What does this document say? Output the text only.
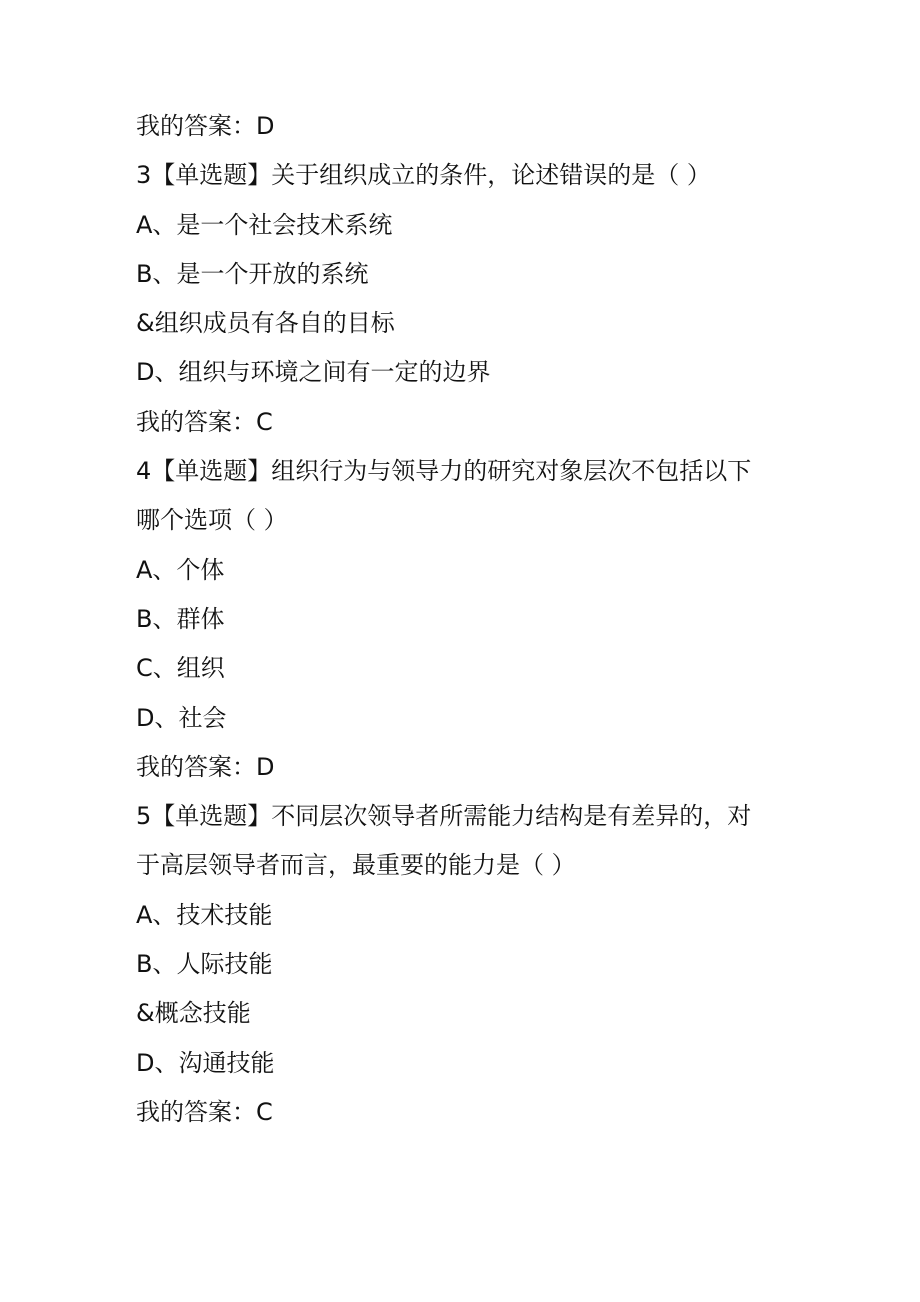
我的答案：D
3【单选题】关于组织成立的条件，论述错误的是（ ）
A、是一个社会技术系统
B、是一个开放的系统
&组织成员有各自的目标
D、组织与环境之间有一定的边界
我的答案：C
4【单选题】组织行为与领导力的研究对象层次不包括以下
哪个选项（ ）
A、个体
B、群体
C、组织
D、社会
我的答案：D
5【单选题】不同层次领导者所需能力结构是有差异的，对
于高层领导者而言，最重要的能力是（ ）
A、技术技能
B、人际技能
&概念技能
D、沟通技能
我的答案：C
